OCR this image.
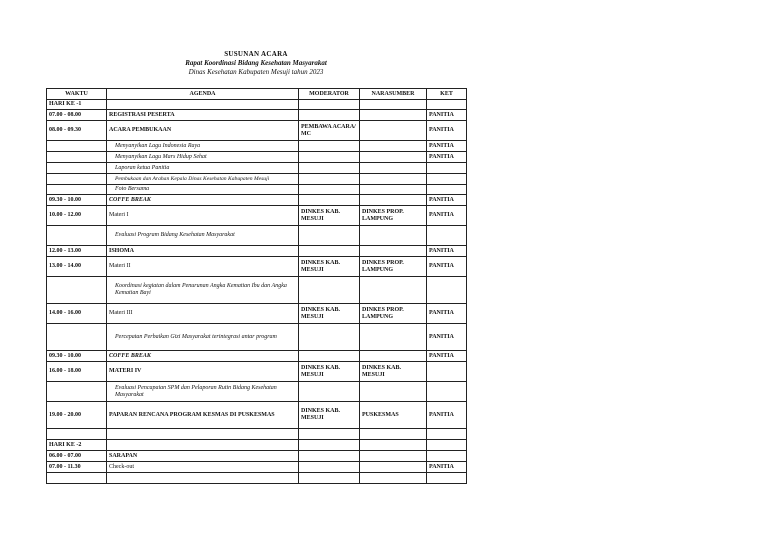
SUSUNAN ACARA
Rapat Koordinasi Bidang Kesehatan Masyarakat
Dinas Kesehatan Kabupaten Mesuji tahun 2023
WAKTU	AGENDA	MODERATOR	NARASUMBER	KET
HARI KE -1				
07.00 - 08.00	REGISTRASI PESERTA			PANITIA
08.00 - 09.30	ACARA PEMBUKAAN	PEMBAWA ACARA/ MC		PANITIA
	Menyanyikan Lagu Indonesia Raya			PANITIA
	Menyanyikan Lagu Mars Hidup Sehat			PANITIA
	Laporan ketua Panitia			
	Pembukaan dan Arahan Kepala Dinas Kesehatan Kabupaten Mesuji			
	Foto Bersama			
09.30 - 10.00	COFFE BREAK			PANITIA
10.00 - 12.00	Materi I	DINKES KAB. MESUJI	DINKES PROP. LAMPUNG	PANITIA
	Evaluasi Program Bidang Kesehatan Masyarakat			
12.00 - 13.00	ISHOMA			PANITIA
13.00 - 14.00	Materi II	DINKES KAB. MESUJI	DINKES PROP. LAMPUNG	PANITIA
	Koordinasi kegiatan dalam Penurunan Angka Kematian Ibu dan Angka Kematian Bayi			
14.00 - 16.00	Materi III	DINKES KAB. MESUJI	DINKES PROP. LAMPUNG	PANITIA
	Percepatan Perbaikan Gizi Masyarakat terintegrasi antar program			PANITIA
09.30 - 10.00	COFFE BREAK			PANITIA
16.00 - 18.00	MATERI IV	DINKES KAB. MESUJI	DINKES KAB. MESUJI	
	Evaluasi Pencapaian SPM dan Pelaporan Rutin Bidang Kesehatan Masyarakat			
19.00 - 20.00	PAPARAN RENCANA PROGRAM KESMAS DI PUSKESMAS	DINKES KAB. MESUJI	PUSKESMAS	PANITIA

HARI KE -2				
06.00 - 07.00	SARAPAN			
07.00 - 11.30	Check-out			PANITIA
